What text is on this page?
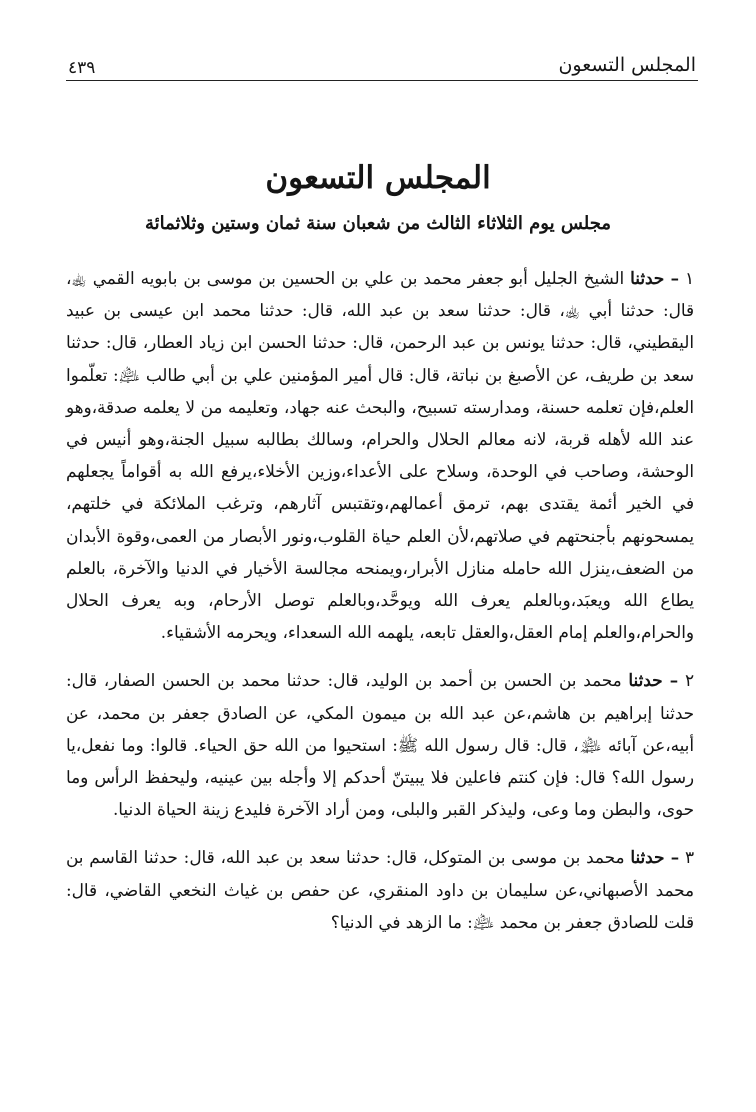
المجلس التسعون
٤٣٩
المجلس التسعون
مجلس يوم الثلاثاء الثالث من شعبان سنة ثمان وستين وثلاثمائة

١ – حدثنا الشيخ الجليل أبو جعفر محمد بن علي بن الحسين بن موسى بن بابويه القمي ﵀، قال: حدثنا أبي ﵀، قال: حدثنا سعد بن عبد الله، قال: حدثنا محمد ابن عيسى بن عبيد اليقطيني، قال: حدثنا يونس بن عبد الرحمن، قال: حدثنا الحسن ابن زياد العطار، قال: حدثنا سعد بن طريف، عن الأصبغ بن نباتة، قال: قال أمير المؤمنين علي بن أبي طالب ﵇: تعلّموا العلم،فإن تعلمه حسنة، ومدارسته تسبيح، والبحث عنه جهاد، وتعليمه من لا يعلمه صدقة،وهو عند الله لأهله قربة، لانه معالم الحلال والحرام، وسالك بطالبه سبيل الجنة،وهو أنيس في الوحشة، وصاحب في الوحدة، وسلاح على الأعداء،وزين الأخلاء،يرفع الله به أقواماً يجعلهم في الخير أئمة يقتدى بهم، ترمق أعمالهم،وتقتبس آثارهم، وترغب الملائكة في خلتهم، يمسحونهم بأجنحتهم في صلاتهم،لأن العلم حياة القلوب،ونور الأبصار من العمى،وقوة الأبدان من الضعف،ينزل الله حامله منازل الأبرار،ويمنحه مجالسة الأخيار في الدنيا والآخرة، بالعلم يطاع الله ويعبَد،وبالعلم يعرف الله ويوحَّد،وبالعلم توصل الأرحام، وبه يعرف الحلال والحرام،والعلم إمام العقل،والعقل تابعه، يلهمه الله السعداء، ويحرمه الأشقياء.

٢ – حدثنا محمد بن الحسن بن أحمد بن الوليد، قال: حدثنا محمد بن الحسن الصفار، قال: حدثنا إبراهيم بن هاشم،عن عبد الله بن ميمون المكي، عن الصادق جعفر بن محمد، عن أبيه،عن آبائه ﵈، قال: قال رسول الله ﷺ: استحيوا من الله حق الحياء. قالوا: وما نفعل،يا رسول الله؟ قال: فإن كنتم فاعلين فلا يبيتنّ أحدكم إلا وأجله بين عينيه، وليحفظ الرأس وما حوى، والبطن وما وعى، وليذكر القبر والبلى، ومن أراد الآخرة فليدع زينة الحياة الدنيا.

٣ – حدثنا محمد بن موسى بن المتوكل، قال: حدثنا سعد بن عبد الله، قال: حدثنا القاسم بن محمد الأصبهاني،عن سليمان بن داود المنقري، عن حفص بن غياث النخعي القاضي، قال: قلت للصادق جعفر بن محمد ﵇: ما الزهد في الدنيا؟
